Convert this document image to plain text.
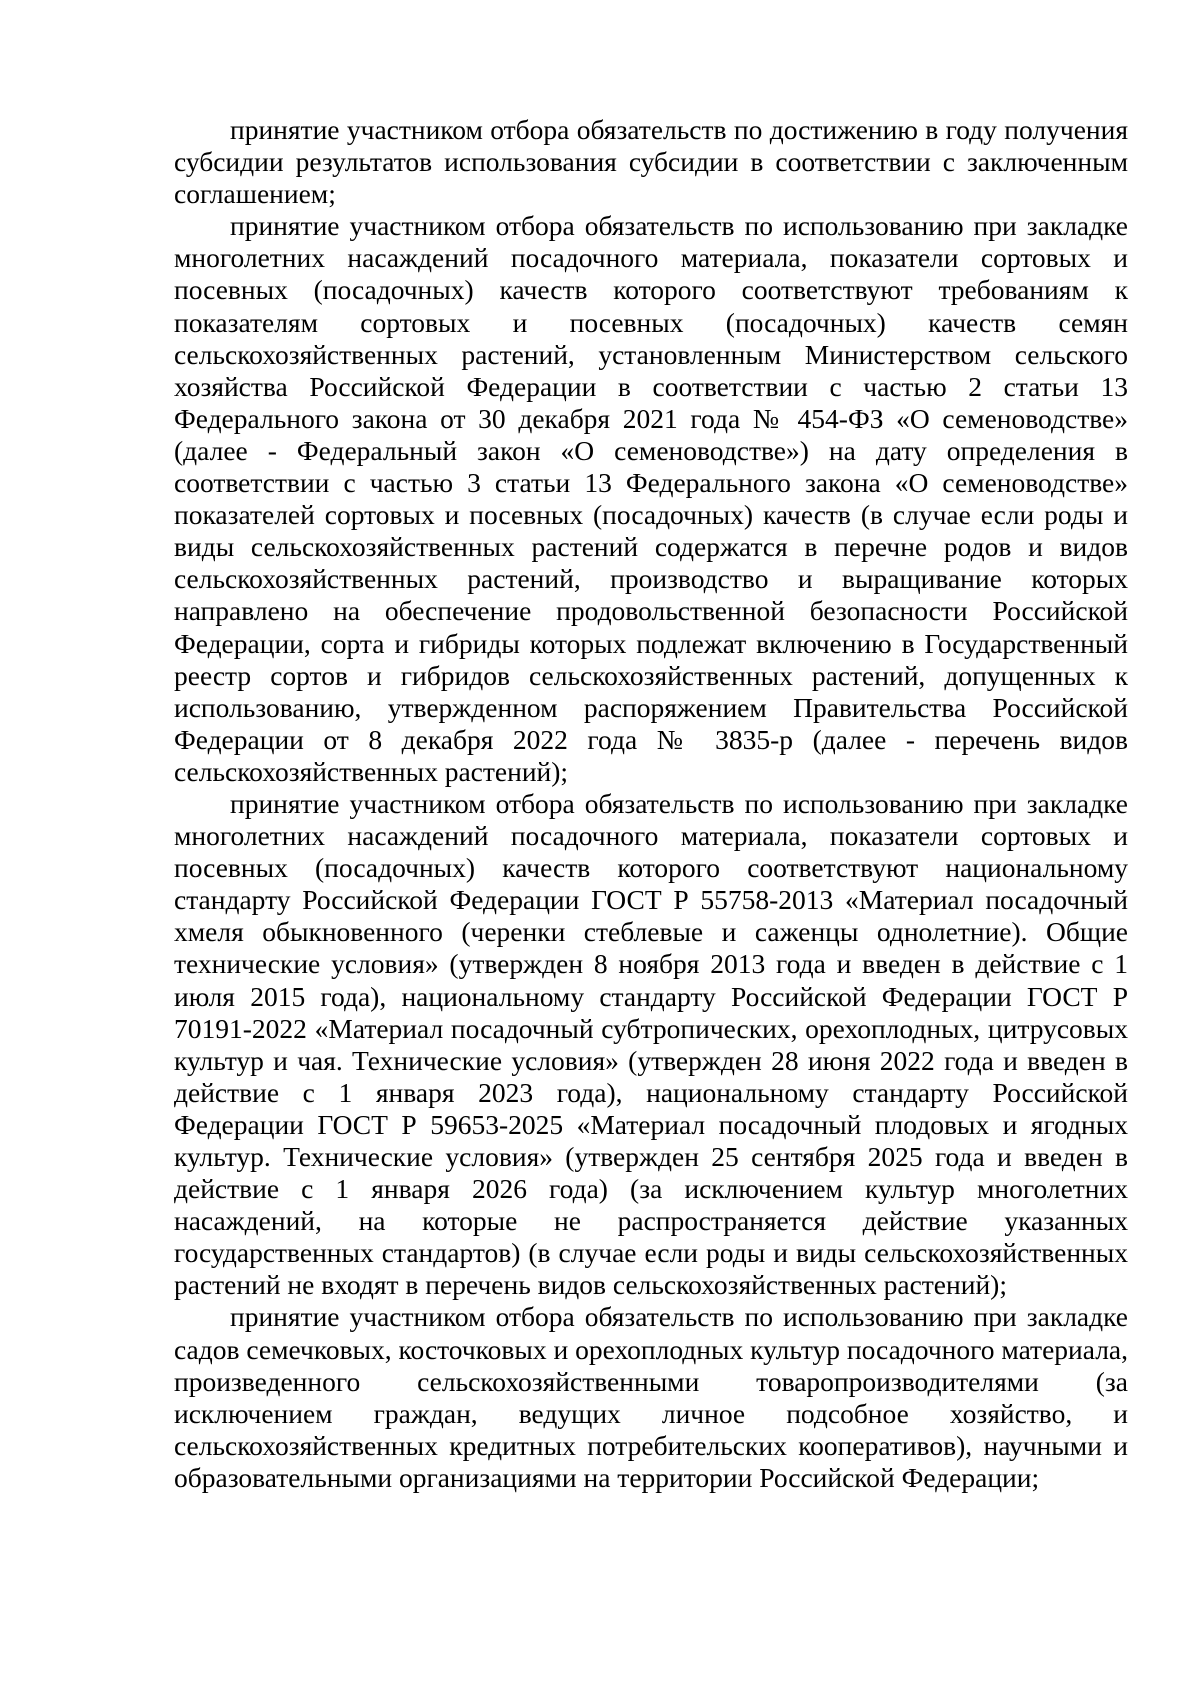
принятие участником отбора обязательств по достижению в году получения субсидии результатов использования субсидии в соответствии с заключенным соглашением;

принятие участником отбора обязательств по использованию при закладке многолетних насаждений посадочного материала, показатели сортовых и посевных (посадочных) качеств которого соответствуют требованиям к показателям сортовых и посевных (посадочных) качеств семян сельскохозяйственных растений, установленным Министерством сельского хозяйства Российской Федерации в соответствии с частью 2 статьи 13 Федерального закона от 30 декабря 2021 года № 454-ФЗ «О семеноводстве» (далее - Федеральный закон «О семеноводстве») на дату определения в соответствии с частью 3 статьи 13 Федерального закона «О семеноводстве» показателей сортовых и посевных (посадочных) качеств (в случае если роды и виды сельскохозяйственных растений содержатся в перечне родов и видов сельскохозяйственных растений, производство и выращивание которых направлено на обеспечение продовольственной безопасности Российской Федерации, сорта и гибриды которых подлежат включению в Государственный реестр сортов и гибридов сельскохозяйственных растений, допущенных к использованию, утвержденном распоряжением Правительства Российской Федерации от 8 декабря 2022 года № 3835-р (далее - перечень видов сельскохозяйственных растений);

принятие участником отбора обязательств по использованию при закладке многолетних насаждений посадочного материала, показатели сортовых и посевных (посадочных) качеств которого соответствуют национальному стандарту Российской Федерации ГОСТ Р 55758-2013 «Материал посадочный хмеля обыкновенного (черенки стеблевые и саженцы однолетние). Общие технические условия» (утвержден 8 ноября 2013 года и введен в действие с 1 июля 2015 года), национальному стандарту Российской Федерации ГОСТ Р 70191-2022 «Материал посадочный субтропических, орехоплодных, цитрусовых культур и чая. Технические условия» (утвержден 28 июня 2022 года и введен в действие с 1 января 2023 года), национальному стандарту Российской Федерации ГОСТ Р 59653-2025 «Материал посадочный плодовых и ягодных культур. Технические условия» (утвержден 25 сентября 2025 года и введен в действие с 1 января 2026 года) (за исключением культур многолетних насаждений, на которые не распространяется действие указанных государственных стандартов) (в случае если роды и виды сельскохозяйственных растений не входят в перечень видов сельскохозяйственных растений);

принятие участником отбора обязательств по использованию при закладке садов семечковых, косточковых и орехоплодных культур посадочного материала, произведенного сельскохозяйственными товаропроизводителями (за исключением граждан, ведущих личное подсобное хозяйство, и сельскохозяйственных кредитных потребительских кооперативов), научными и образовательными организациями на территории Российской Федерации;
